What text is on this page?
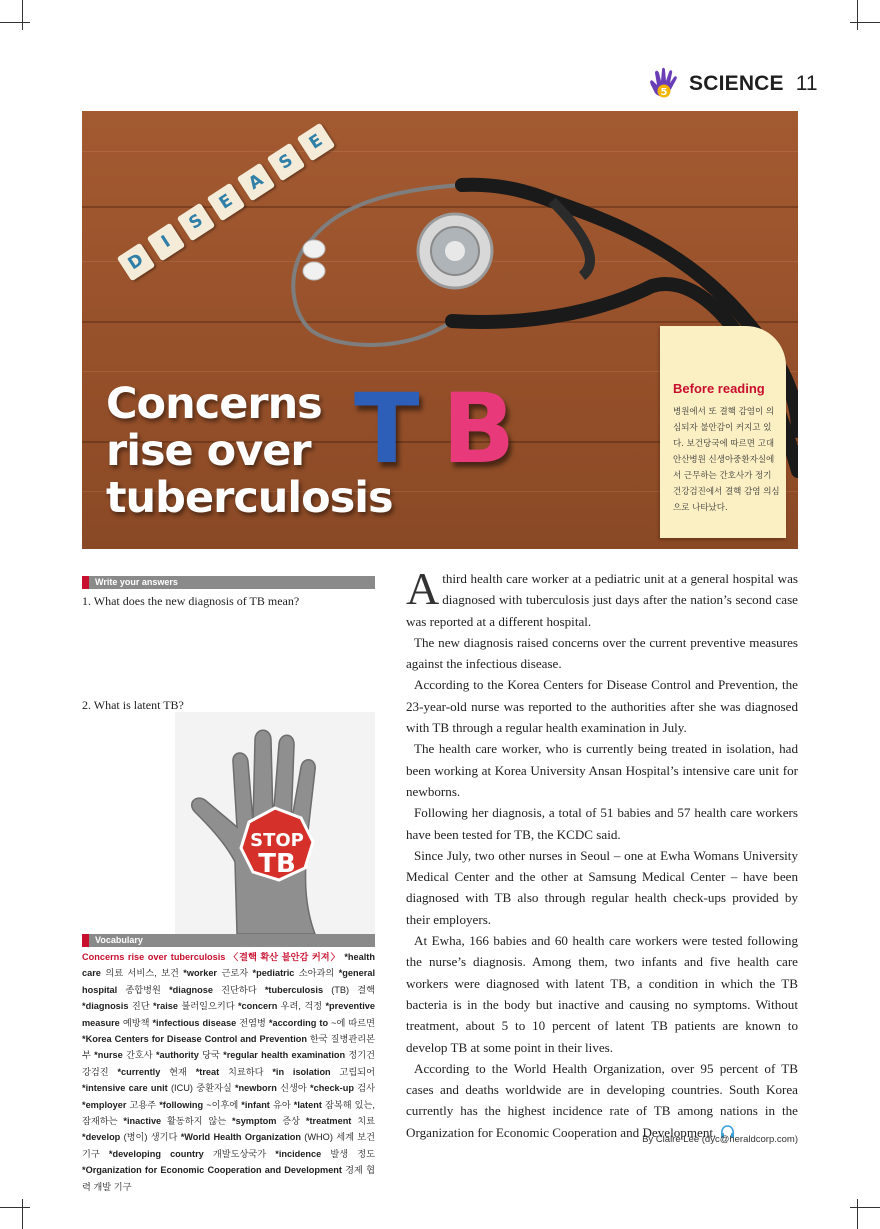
5 SCIENCE 11
D
I
S
E
A
S
E
T B
Concerns
rise over
tuberculosis
Before reading
병원에서 또 결핵 감염이 의심되자 불안감이 커지고 있다. 보건당국에 따르면 고대안산병원 신생아중환자실에서 근무하는 간호사가 정기 건강검진에서 결핵 감염 의심으로 나타났다.
Write your answers
1. What does the new diagnosis of TB mean?
2. What is latent TB?
STOP
TB
Vocabulary
Concerns rise over tuberculosis 〈결핵 확산 불안감 커져〉 *health care 의료 서비스, 보건 *worker 근로자 *pediatric 소아과의 *general hospital 종합병원 *diagnose 진단하다 *tuberculosis (TB) 결핵 *diagnosis 진단 *raise 불러일으키다 *concern 우려, 걱정 *preventive measure 예방책 *infectious disease 전염병 *according to ~에 따르면 *Korea Centers for Disease Control and Prevention 한국 질병관리본부 *nurse 간호사 *authority 당국 *regular health examination 정기건강검진 *currently 현재 *treat 치료하다 *in isolation 고립되어 *intensive care unit (ICU) 중환자실 *newborn 신생아 *check-up 검사 *employer 고용주 *following ~이후에 *infant 유아 *latent 잠복해 있는, 잠재하는 *inactive 활동하지 않는 *symptom 증상 *treatment 치료 *develop (병이) 생기다 *World Health Organization (WHO) 세계 보건 기구 *developing country 개발도상국가 *incidence 발생 정도 *Organization for Economic Cooperation and Development 경제 협력 개발 기구

Athird health care worker at a pediatric unit at a general hospital was diagnosed with tuberculosis just days after the nation’s second case was reported at a different hospital.

The new diagnosis raised concerns over the current preventive measures against the infectious disease.

According to the Korea Centers for Disease Control and Prevention, the 23-year-old nurse was reported to the authorities after she was diagnosed with TB through a regular health examination in July.

The health care worker, who is currently being treated in isolation, had been working at Korea University Ansan Hospital’s intensive care unit for newborns.

Following her diagnosis, a total of 51 babies and 57 health care workers have been tested for TB, the KCDC said.

Since July, two other nurses in Seoul – one at Ewha Womans University Medical Center and the other at Samsung Medical Center – have been diagnosed with TB also through regular health check-ups provided by their employers.

At Ewha, 166 babies and 60 health care workers were tested following the nurse’s diagnosis. Among them, two infants and five health care workers were diagnosed with latent TB, a condition in which the TB bacteria is in the body but inactive and causing no symptoms. Without treatment, about 5 to 10 percent of latent TB patients are known to develop TB at some point in their lives.

According to the World Health Organization, over 95 percent of TB cases and deaths worldwide are in developing countries. South Korea currently has the highest incidence rate of TB among nations in the Organization for Economic Cooperation and Development.

By Claire Lee (dyc@heraldcorp.com)
